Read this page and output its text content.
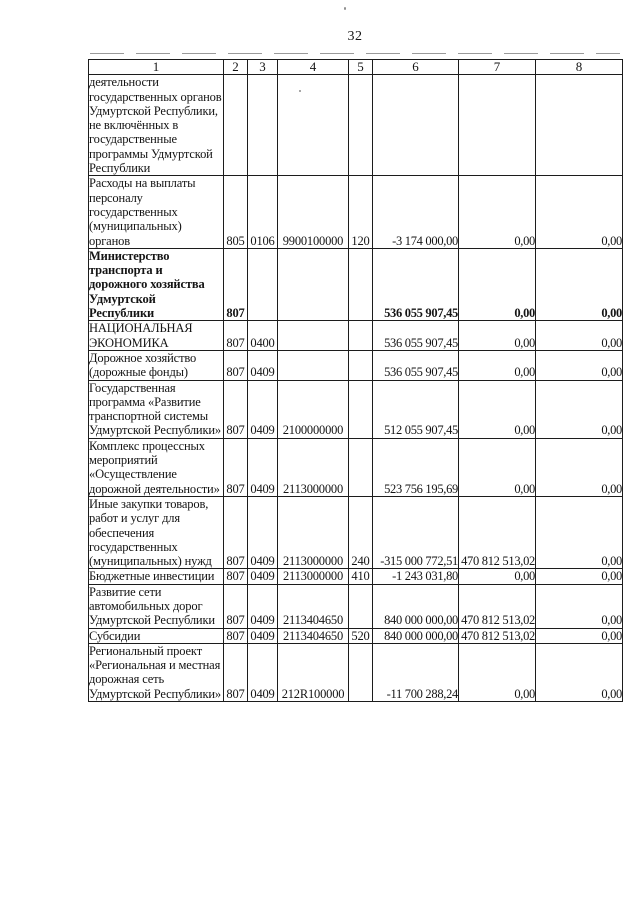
32
1	2	3	4	5	6	7	8
деятельности государственных органов Удмуртской Республики, не включённых в государственные программы Удмуртской Республики							
Расходы на выплаты персоналу государственных (муниципальных) органов	805	0106	9900100000	120	-3 174 000,00	0,00	0,00
Министерство транспорта и дорожного хозяйства Удмуртской Республики	807				536 055 907,45	0,00	0,00
НАЦИОНАЛЬНАЯ ЭКОНОМИКА	807	0400			536 055 907,45	0,00	0,00
Дорожное хозяйство (дорожные фонды)	807	0409			536 055 907,45	0,00	0,00
Государственная программа «Развитие транспортной системы Удмуртской Республики»	807	0409	2100000000		512 055 907,45	0,00	0,00
Комплекс процессных мероприятий «Осуществление дорожной деятельности»	807	0409	2113000000		523 756 195,69	0,00	0,00
Иные закупки товаров, работ и услуг для обеспечения государственных (муниципальных) нужд	807	0409	2113000000	240	-315 000 772,51	470 812 513,02	0,00
Бюджетные инвестиции	807	0409	2113000000	410	-1 243 031,80	0,00	0,00
Развитие сети автомобильных дорог Удмуртской Республики	807	0409	2113404650		840 000 000,00	470 812 513,02	0,00
Субсидии	807	0409	2113404650	520	840 000 000,00	470 812 513,02	0,00
Региональный проект «Региональная и местная дорожная сеть Удмуртской Республики»	807	0409	212R100000		-11 700 288,24	0,00	0,00
